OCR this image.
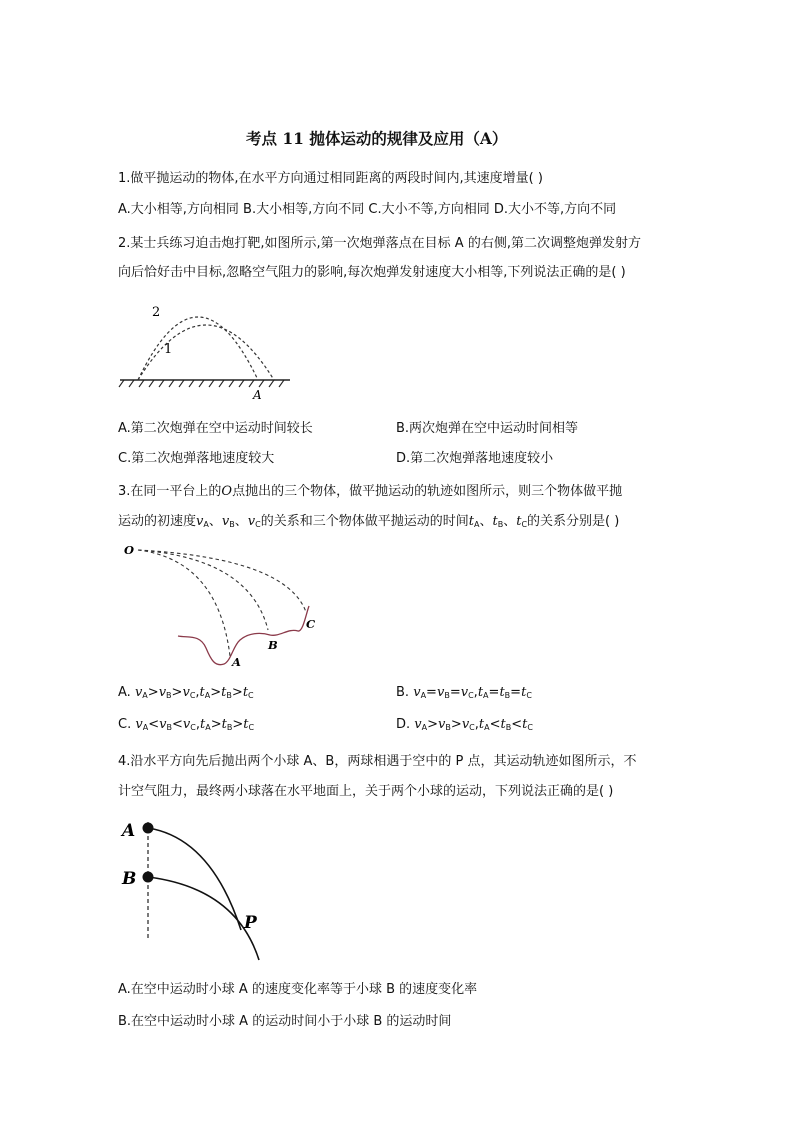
考点 11 抛体运动的规律及应用（A）
1.做平抛运动的物体,在水平方向通过相同距离的两段时间内,其速度增量( )
A.大小相等,方向相同 B.大小相等,方向不同 C.大小不等,方向相同 D.大小不等,方向不同
2.某士兵练习迫击炮打靶,如图所示,第一次炮弹落点在目标 A 的右侧,第二次调整炮弹发射方
向后恰好击中目标,忽略空气阻力的影响,每次炮弹发射速度大小相等,下列说法正确的是( )
2
1
A
A.第二次炮弹在空中运动时间较长	B.两次炮弹在空中运动时间相等
C.第二次炮弹落地速度较大	D.第二次炮弹落地速度较小
3.在同一平台上的O点抛出的三个物体，做平抛运动的轨迹如图所示，则三个物体做平抛
运动的初速度$v_A$、$v_B$、$v_C$的关系和三个物体做平抛运动的时间$t_A$、$t_B$、$t_C$的关系分别是( )
O
A
B
C
A. $v_A>v_B>v_C,t_A>t_B>t_C$	B. $v_A=v_B=v_C,t_A=t_B=t_C$
C. $v_A<v_B<v_C,t_A>t_B>t_C$	D. $v_A>v_B>v_C,t_A<t_B<t_C$
4.沿水平方向先后抛出两个小球 A、B，两球相遇于空中的 P 点，其运动轨迹如图所示，不
计空气阻力，最终两小球落在水平地面上，关于两个小球的运动，下列说法正确的是( )
A
B
P
A.在空中运动时小球 A 的速度变化率等于小球 B 的速度变化率
B.在空中运动时小球 A 的运动时间小于小球 B 的运动时间
